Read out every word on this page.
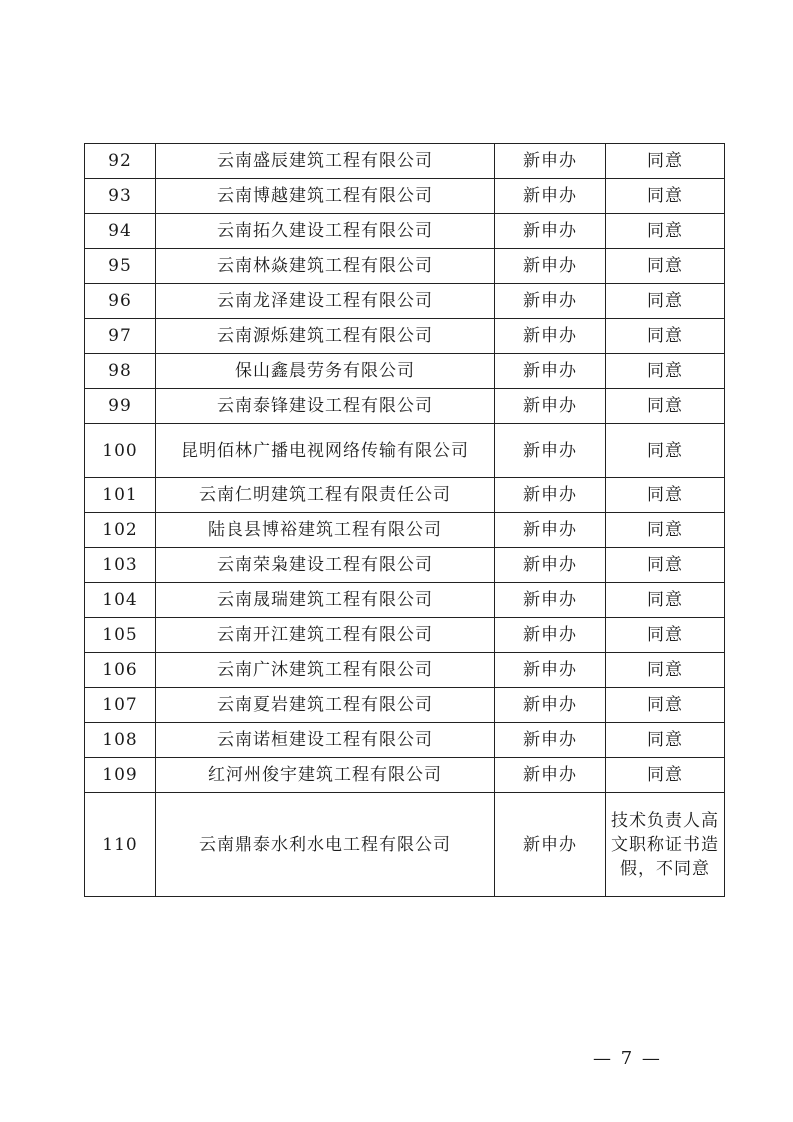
92	云南盛辰建筑工程有限公司	新申办	同意
93	云南博越建筑工程有限公司	新申办	同意
94	云南拓久建设工程有限公司	新申办	同意
95	云南林焱建筑工程有限公司	新申办	同意
96	云南龙泽建设工程有限公司	新申办	同意
97	云南源烁建筑工程有限公司	新申办	同意
98	保山鑫晨劳务有限公司	新申办	同意
99	云南泰锋建设工程有限公司	新申办	同意
100	昆明佰林广播电视网络传输有限公司	新申办	同意
101	云南仁明建筑工程有限责任公司	新申办	同意
102	陆良县博裕建筑工程有限公司	新申办	同意
103	云南荣枭建设工程有限公司	新申办	同意
104	云南晟瑞建筑工程有限公司	新申办	同意
105	云南开江建筑工程有限公司	新申办	同意
106	云南广沐建筑工程有限公司	新申办	同意
107	云南夏岩建筑工程有限公司	新申办	同意
108	云南诺桓建设工程有限公司	新申办	同意
109	红河州俊宇建筑工程有限公司	新申办	同意
110	云南鼎泰水利水电工程有限公司	新申办	技术负责人高文职称证书造假，不同意
— 7 —
